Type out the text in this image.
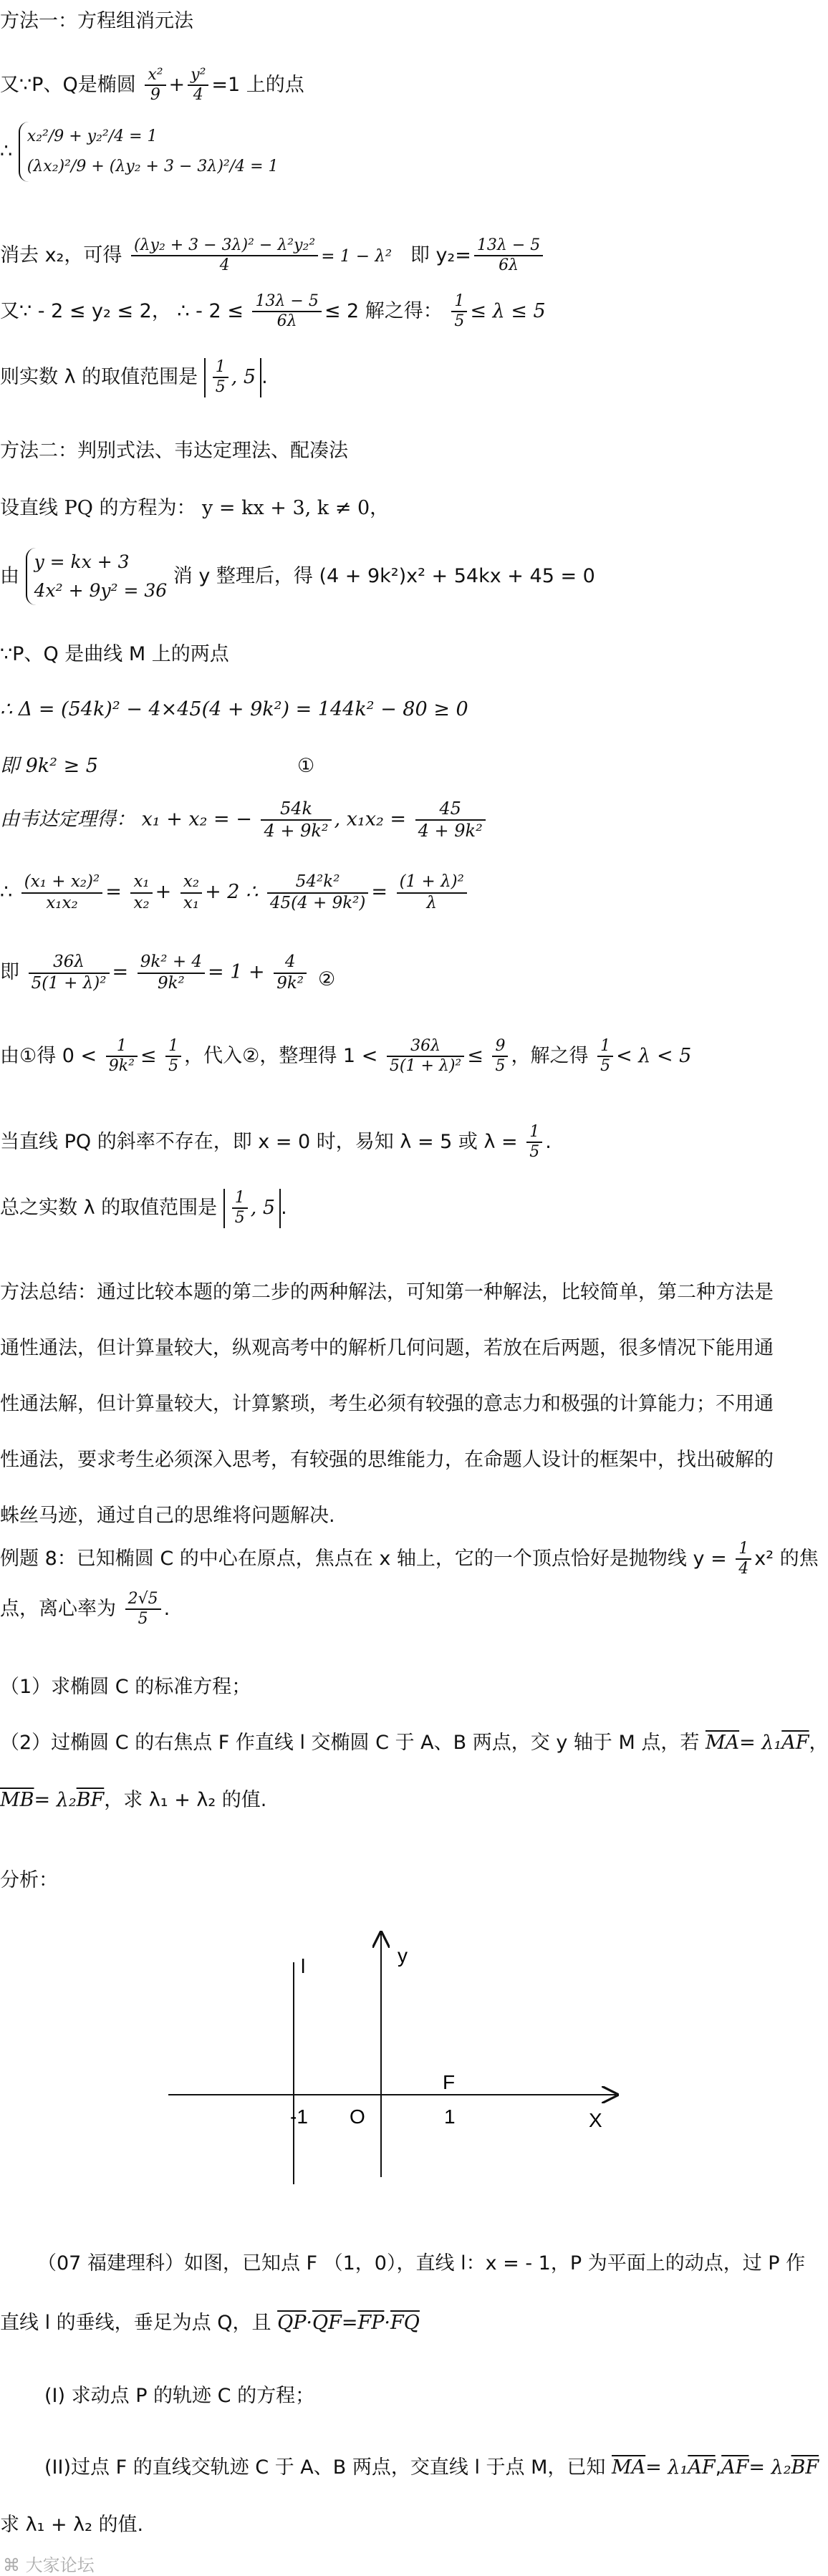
方法一：方程组消元法
又∵P、Q是椭圆 $\frac{\text{x²}}{9} + \frac{\text{y²}}{4} =1$ 上的点
∴
x₂²/9 + y₂²/4 = 1
(λx₂)²/9 + (λy₂ + 3 − 3λ)²/4 = 1
消去 x₂，可得 $\frac{\text{(λy₂ + 3 − 3λ)² − λ²y₂²}}{4} = 1 - \lambda^2$ 即 $y_2= \frac{13\lambda - 5}{6\lambda}$
又∵ - 2 ≤ y₂ ≤ 2， ∴ - $2 \le \frac{13\lambda - 5}{6\lambda} \le 2$ 解之得： $\frac{1}{5} \le \lambda \le 5$
则实数 λ 的取值范围是 $\frac{1}{5}$ , 5 .
方法二：判别式法、韦达定理法、配凑法
设直线 PQ 的方程为： y = kx + 3, k ≠ 0，
由
y = kx + 3
4x² + 9y² = 36
消 y 整理后，得 (4 + 9k²)x² + 54kx + 45 = 0
∵P、Q 是曲线 M 上的两点
∴ Δ = (54k)² − 4×45(4 + 9k²) = 144k² − 80 ≥ 0
即 9k² ≥ 5	①
由韦达定理得： x₁ + x₂ = − $\frac{54k}{\text{4 + 9k²}}$ , $x_1x_2 = \frac{45}{\text{4 + 9k²}}$
∴ $\frac{\text{(x₁ + x₂)²}}{\text{x₁x₂}} = \frac{\text{x₁}}{\text{x₂}} + \frac{\text{x₂}}{\text{x₁}} + 2$ ∴ $\frac{\text{54²k²}}{\text{45(4 + 9k²)}} = \frac{\text{(1 + λ)²}}{\lambda}$
即 $\frac{36\lambda}{\text{5(1 + λ)²}} = \frac{\text{9k² + 4}}{\text{9k²}} = 1 + \frac{4}{\text{9k²}}$ ②
由①得 $0 < \frac{1}{\text{9k²}} \le \frac{1}{5}$ ，代入②，整理得 $1 < \frac{36\lambda}{\text{5(1 + λ)²}} \le \frac{9}{5}$ ，解之得 $\frac{1}{5} < \lambda < 5$
当直线 PQ 的斜率不存在，即 x = 0 时，易知 λ = 5 或 $\lambda = \frac{1}{5}$ .
总之实数 λ 的取值范围是 $\frac{1}{5}$ , 5 .
方法总结：通过比较本题的第二步的两种解法，可知第一种解法，比较简单，第二种方法是通性通法，但计算量较大，纵观高考中的解析几何问题，若放在后两题，很多情况下能用通性通法解，但计算量较大，计算繁琐，考生必须有较强的意志力和极强的计算能力；不用通性通法，要求考生必须深入思考，有较强的思维能力，在命题人设计的框架中，找出破解的蛛丝马迹，通过自己的思维将问题解决.
例题 8：已知椭圆 C 的中心在原点，焦点在 x 轴上，它的一个顶点恰好是抛物线 $y = \frac{1}{4} x^2$ 的焦
点，离心率为 $\frac{2√5}{5}$ .
（1）求椭圆 C 的标准方程；
（2）过椭圆 C 的右焦点 F 作直线 l 交椭圆 C 于 A、B 两点，交 y 轴于 M 点，若 $\overline{MA}= \lambda_1\overline{AF}$，
$\overline{MB}= \lambda_2\overline{BF}$，求 λ₁ + λ₂ 的值.
分析：
l	y
X
O
-1
F
1
（07 福建理科）如图，已知点 F （1，0），直线 l：x = - 1，P 为平面上的动点，过 P 作
直线 l 的垂线，垂足为点 Q，且 $\overline{QP}\cdot\overline{QF}=\overline{FP}\cdot\overline{FQ}$
(I) 求动点 P 的轨迹 C 的方程；
(II)过点 F 的直线交轨迹 C 于 A、B 两点，交直线 l 于点 M，已知 $\overline{MA}= \lambda_1\overline{AF},\overline{AF}= \lambda_2\overline{BF}$
求 λ₁ + λ₂ 的值.
⌘ 大家论坛
